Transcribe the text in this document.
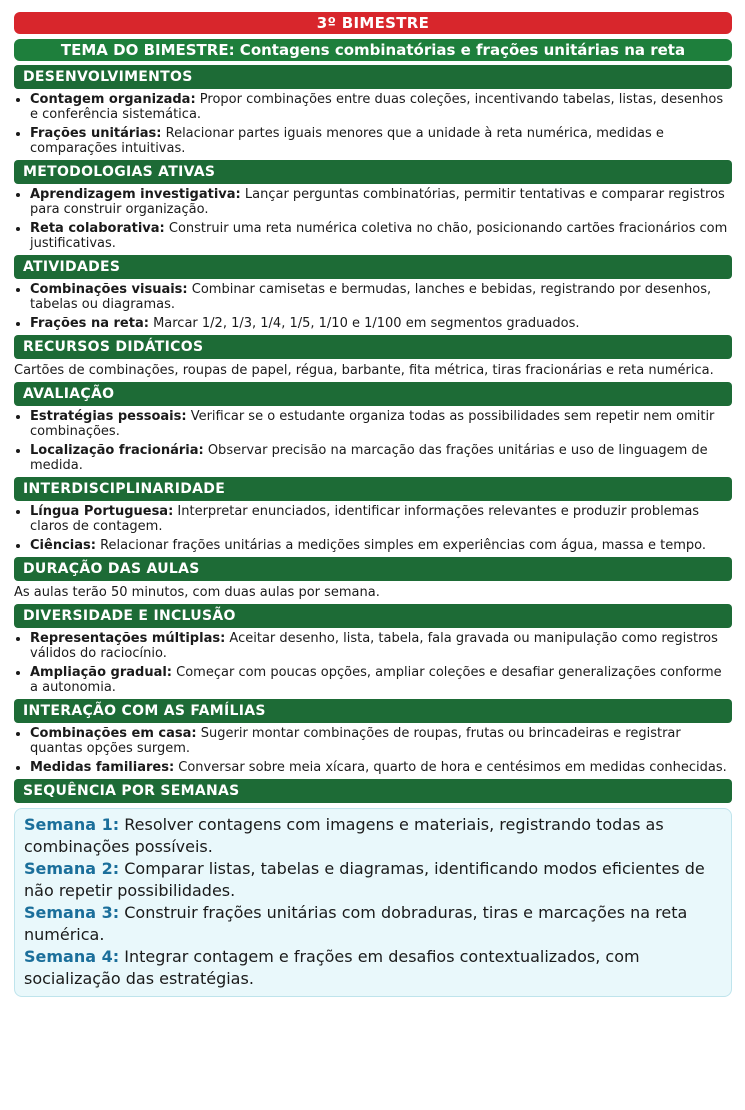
3º BIMESTRE
TEMA DO BIMESTRE: Contagens combinatórias e frações unitárias na reta
DESENVOLVIMENTOS
• Contagem organizada: Propor combinações entre duas coleções, incentivando tabelas, listas, desenhos e conferência sistemática.
• Frações unitárias: Relacionar partes iguais menores que a unidade à reta numérica, medidas e comparações intuitivas.
METODOLOGIAS ATIVAS
• Aprendizagem investigativa: Lançar perguntas combinatórias, permitir tentativas e comparar registros para construir organização.
• Reta colaborativa: Construir uma reta numérica coletiva no chão, posicionando cartões fracionários com justificativas.
ATIVIDADES
• Combinações visuais: Combinar camisetas e bermudas, lanches e bebidas, registrando por desenhos, tabelas ou diagramas.
• Frações na reta: Marcar 1/2, 1/3, 1/4, 1/5, 1/10 e 1/100 em segmentos graduados.
RECURSOS DIDÁTICOS

Cartões de combinações, roupas de papel, régua, barbante, fita métrica, tiras fracionárias e reta numérica.

AVALIAÇÃO
• Estratégias pessoais: Verificar se o estudante organiza todas as possibilidades sem repetir nem omitir combinações.
• Localização fracionária: Observar precisão na marcação das frações unitárias e uso de linguagem de medida.
INTERDISCIPLINARIDADE
• Língua Portuguesa: Interpretar enunciados, identificar informações relevantes e produzir problemas claros de contagem.
• Ciências: Relacionar frações unitárias a medições simples em experiências com água, massa e tempo.
DURAÇÃO DAS AULAS

As aulas terão 50 minutos, com duas aulas por semana.

DIVERSIDADE E INCLUSÃO
• Representações múltiplas: Aceitar desenho, lista, tabela, fala gravada ou manipulação como registros válidos do raciocínio.
• Ampliação gradual: Começar com poucas opções, ampliar coleções e desafiar generalizações conforme a autonomia.
INTERAÇÃO COM AS FAMÍLIAS
• Combinações em casa: Sugerir montar combinações de roupas, frutas ou brincadeiras e registrar quantas opções surgem.
• Medidas familiares: Conversar sobre meia xícara, quarto de hora e centésimos em medidas conhecidas.
SEQUÊNCIA POR SEMANAS

Semana 1: Resolver contagens com imagens e materiais, registrando todas as combinações possíveis.

Semana 2: Comparar listas, tabelas e diagramas, identificando modos eficientes de não repetir possibilidades.

Semana 3: Construir frações unitárias com dobraduras, tiras e marcações na reta numérica.

Semana 4: Integrar contagem e frações em desafios contextualizados, com socialização das estratégias.
